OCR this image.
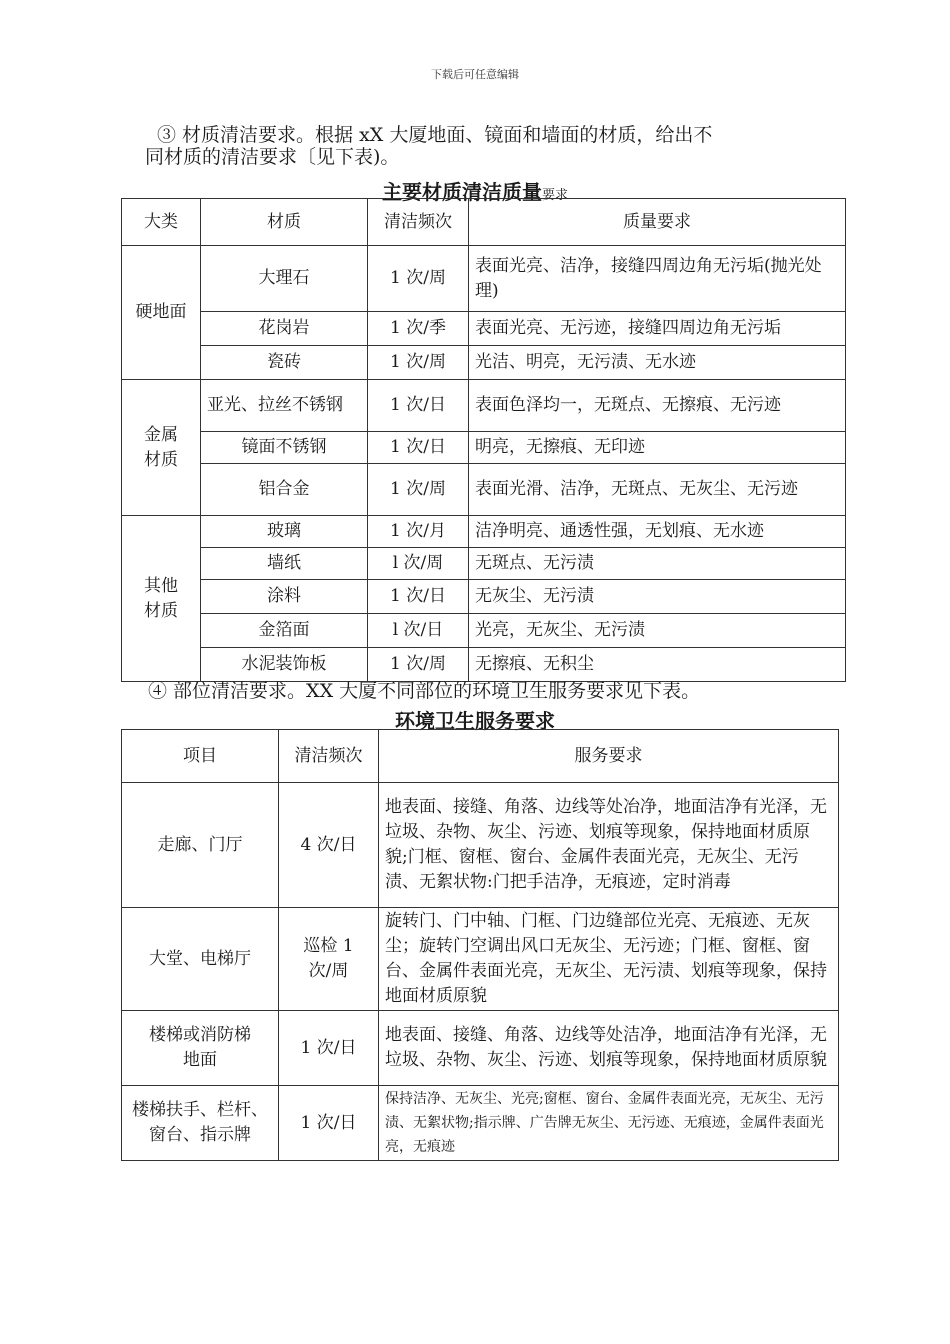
下载后可任意编辑
③ 材质清洁要求。根据 xX 大厦地面、镜面和墙面的材质，给出不
同材质的清洁要求〔见下表)。
主要材质清洁质量要求
大类	材质	清洁频次	质量要求
硬地面	大理石	1 次/周	表面光亮、洁净，接缝四周边角无污垢(抛光处理)
	花岗岩	1 次/季	表面光亮、无污迹，接缝四周边角无污垢
	瓷砖	1 次/周	光洁、明亮，无污渍、无水迹
金属材质	亚光、拉丝不锈钢	1 次/日	表面色泽均一，无斑点、无擦痕、无污迹
	镜面不锈钢	1 次/日	明亮，无擦痕、无印迹
	铝合金	1 次/周	表面光滑、洁净，无斑点、无灰尘、无污迹
其他材质	玻璃	1 次/月	洁净明亮、通透性强，无划痕、无水迹
	墙纸	l 次/周	无斑点、无污渍
	涂料	1 次/日	无灰尘、无污渍
	金箔面	l 次/日	光亮，无灰尘、无污渍
	水泥装饰板	1 次/周	无擦痕、无积尘
④ 部位清洁要求。XX 大厦不同部位的环境卫生服务要求见下表。
环境卫生服务要求
项目	清洁频次	服务要求
走廊、门厅	4 次/日	地表面、接缝、角落、边线等处冶净，地面洁净有光泽，无垃圾、杂物、灰尘、污迹、划痕等现象，保持地面材质原貌;门框、窗框、窗台、金属件表面光亮，无灰尘、无污渍、无絮状物:门把手洁净，无痕迹，定时消毒
大堂、电梯厅	巡检 1 次/周	旋转门、门中轴、门框、门边缝部位光亮、无痕迹、无灰尘；旋转门空调出风口无灰尘、无污迹；门框、窗框、窗台、金属件表面光亮，无灰尘、无污渍、划痕等现象，保持地面材质原貌
楼梯或消防梯地面	1 次/日	地表面、接缝、角落、边线等处洁净，地面洁净有光泽，无垃圾、杂物、灰尘、污迹、划痕等现象，保持地面材质原貌
楼梯扶手、栏杆、窗台、指示牌	1 次/日	保持洁净、无灰尘、光亮;窗框、窗台、金属件表面光亮，无灰尘、无污渍、无絮状物;指示牌、广告牌无灰尘、无污迹、无痕迹，金属件表面光亮，无痕迹
